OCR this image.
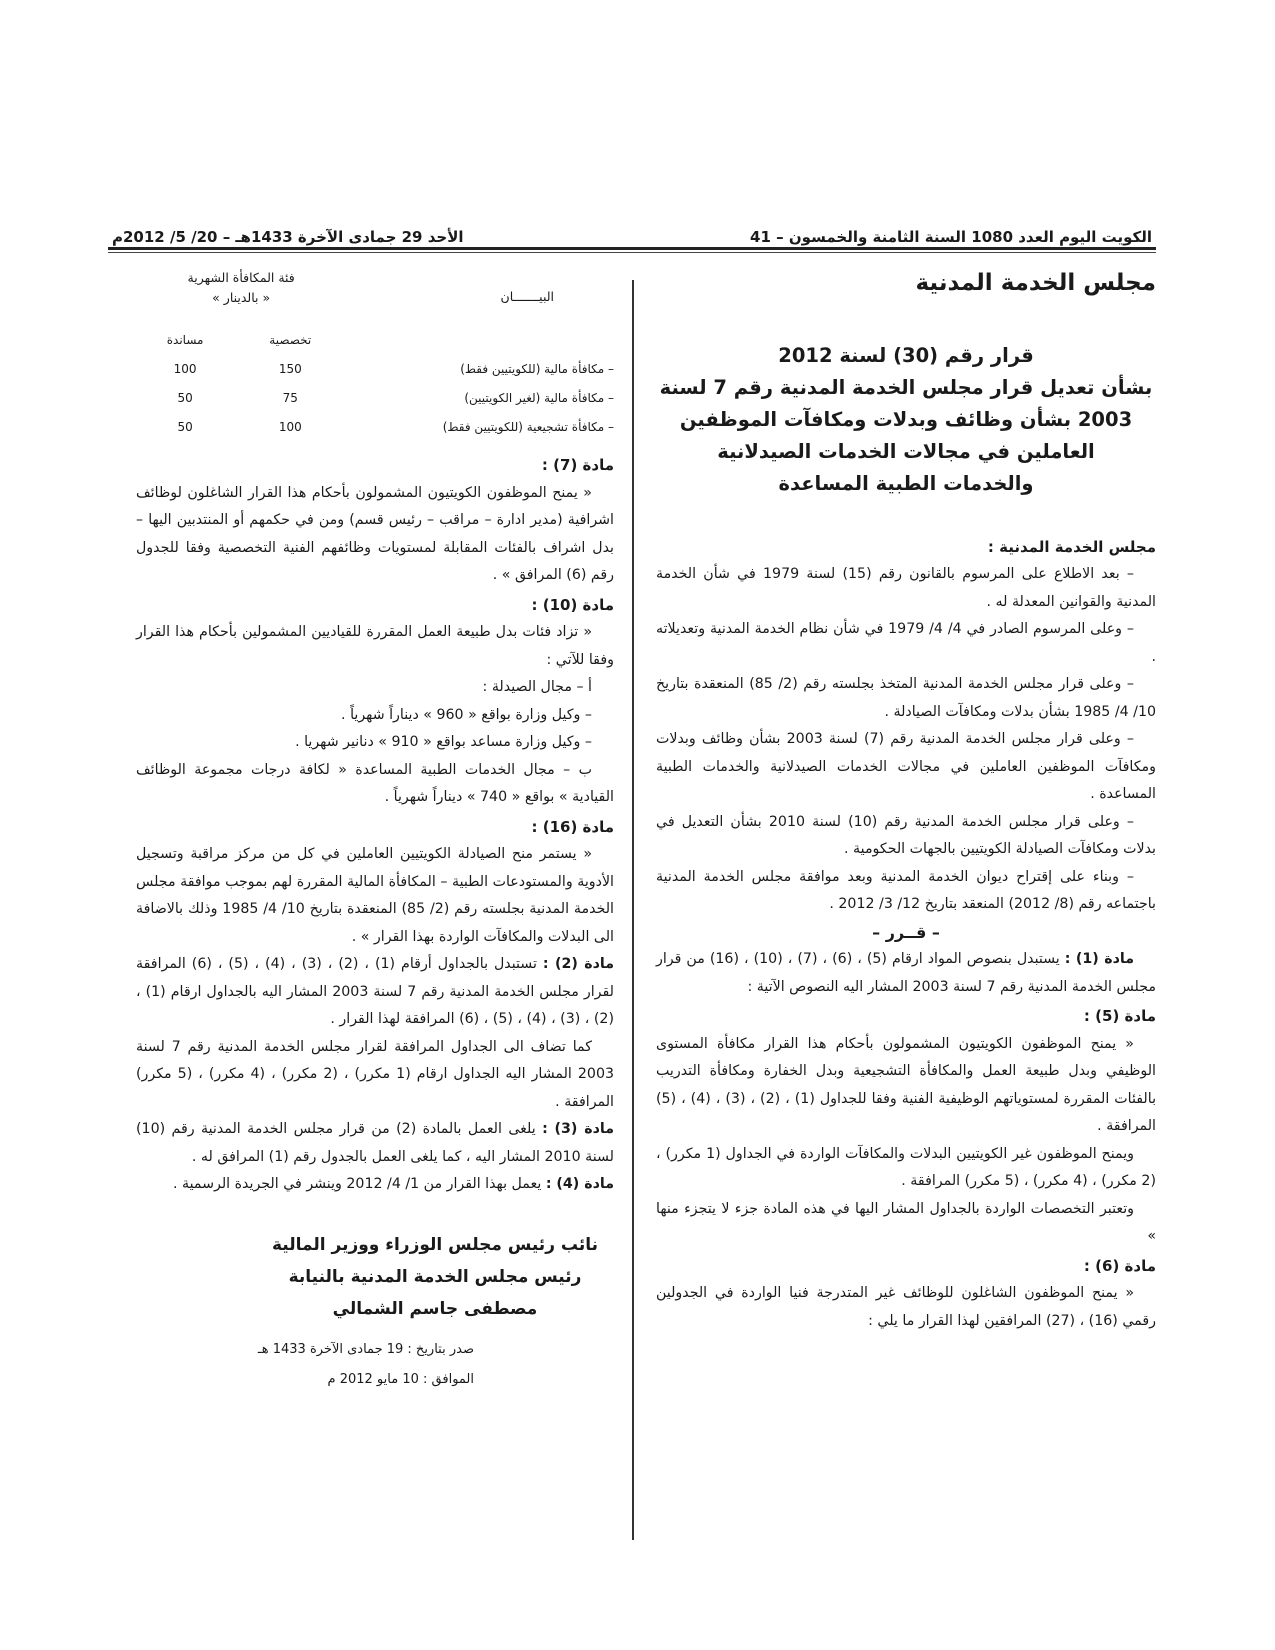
الكويت اليوم العدد 1080 السنة الثامنة والخمسون – 41
الأحد 29 جمادى الآخرة 1433هـ – 20/ 5/ 2012م
مجلس الخدمة المدنية
قرار رقم (30) لسنة 2012
بشأن تعديل قرار مجلس الخدمة المدنية رقم 7 لسنة
2003 بشأن وظائف وبدلات ومكافآت الموظفين
العاملين في مجالات الخدمات الصيدلانية
والخدمات الطبية المساعدة
مجلس الخدمة المدنية :

– بعد الاطلاع على المرسوم بالقانون رقم (15) لسنة 1979 في شأن الخدمة المدنية والقوانين المعدلة له .

– وعلى المرسوم الصادر في 4/ 4/ 1979 في شأن نظام الخدمة المدنية وتعديلاته .

– وعلى قرار مجلس الخدمة المدنية المتخذ بجلسته رقم (2/ 85) المنعقدة بتاريخ 10/ 4/ 1985 بشأن بدلات ومكافآت الصيادلة .

– وعلى قرار مجلس الخدمة المدنية رقم (7) لسنة 2003 بشأن وظائف وبدلات ومكافآت الموظفين العاملين في مجالات الخدمات الصيدلانية والخدمات الطبية المساعدة .

– وعلى قرار مجلس الخدمة المدنية رقم (10) لسنة 2010 بشأن التعديل في بدلات ومكافآت الصيادلة الكويتيين بالجهات الحكومية .

– وبناء على إقتراح ديوان الخدمة المدنية وبعد موافقة مجلس الخدمة المدنية باجتماعه رقم (8/ 2012) المنعقد بتاريخ 12/ 3/ 2012 .

– قــرر –

مادة (1) : يستبدل بنصوص المواد ارقام (5) ، (6) ، (7) ، (10) ، (16) من قرار مجلس الخدمة المدنية رقم 7 لسنة 2003 المشار اليه النصوص الآتية :

مادة (5) :

« يمنح الموظفون الكويتيون المشمولون بأحكام هذا القرار مكافأة المستوى الوظيفي وبدل طبيعة العمل والمكافأة التشجيعية وبدل الخفارة ومكافأة التدريب بالفئات المقررة لمستوياتهم الوظيفية الفنية وفقا للجداول (1) ، (2) ، (3) ، (4) ، (5) المرافقة .

ويمنح الموظفون غير الكويتيين البدلات والمكافآت الواردة في الجداول (1 مكرر) ، (2 مكرر) ، (4 مكرر) ، (5 مكرر) المرافقة .

وتعتبر التخصصات الواردة بالجداول المشار اليها في هذه المادة جزء لا يتجزء منها »

مادة (6) :

« يمنح الموظفون الشاغلون للوظائف غير المتدرجة فنيا الواردة في الجدولين رقمي (16) ، (27) المرافقين لهذا القرار ما يلي :

البيـــــــان	فئة المكافأة الشهرية
« بالدينار »	

	تخصصية	مساندة
– مكافأة مالية (للكويتيين فقط)	150	100
– مكافأة مالية (لغير الكويتيين)	75	50
– مكافأة تشجيعية (للكويتيين فقط)	100	50
مادة (7) :

« يمنح الموظفون الكويتيون المشمولون بأحكام هذا القرار الشاغلون لوظائف اشرافية (مدير ادارة – مراقب – رئيس قسم) ومن في حكمهم أو المنتدبين اليها – بدل اشراف بالفئات المقابلة لمستويات وظائفهم الفنية التخصصية وفقا للجدول رقم (6) المرافق » .

مادة (10) :

« تزاد فئات بدل طبيعة العمل المقررة للقياديين المشمولين بأحكام هذا القرار وفقا للآتي :

أ – مجال الصيدلة :
– وكيل وزارة بواقع « 960 » ديناراً شهرياً .
– وكيل وزارة مساعد بواقع « 910 » دنانير شهريا .

ب – مجال الخدمات الطبية المساعدة « لكافة درجات مجموعة الوظائف القيادية » بواقع « 740 » ديناراً شهرياً .

مادة (16) :

« يستمر منح الصيادلة الكويتيين العاملين في كل من مركز مراقبة وتسجيل الأدوية والمستودعات الطبية – المكافأة المالية المقررة لهم بموجب موافقة مجلس الخدمة المدنية بجلسته رقم (2/ 85) المنعقدة بتاريخ 10/ 4/ 1985 وذلك بالاضافة الى البدلات والمكافآت الواردة بهذا القرار » .

مادة (2) : تستبدل بالجداول أرقام (1) ، (2) ، (3) ، (4) ، (5) ، (6) المرافقة لقرار مجلس الخدمة المدنية رقم 7 لسنة 2003 المشار اليه بالجداول ارقام (1) ، (2) ، (3) ، (4) ، (5) ، (6) المرافقة لهذا القرار .

كما تضاف الى الجداول المرافقة لقرار مجلس الخدمة المدنية رقم 7 لسنة 2003 المشار اليه الجداول ارقام (1 مكرر) ، (2 مكرر) ، (4 مكرر) ، (5 مكرر) المرافقة .

مادة (3) : يلغى العمل بالمادة (2) من قرار مجلس الخدمة المدنية رقم (10) لسنة 2010 المشار اليه ، كما يلغى العمل بالجدول رقم (1) المرافق له .

مادة (4) : يعمل بهذا القرار من 1/ 4/ 2012 وينشر في الجريدة الرسمية .

نائب رئيس مجلس الوزراء ووزير المالية
رئيس مجلس الخدمة المدنية بالنيابة
مصطفى جاسم الشمالي
صدر بتاريخ : 19 جمادى الآخرة 1433 هـ
الموافق : 10 مايو 2012 م
